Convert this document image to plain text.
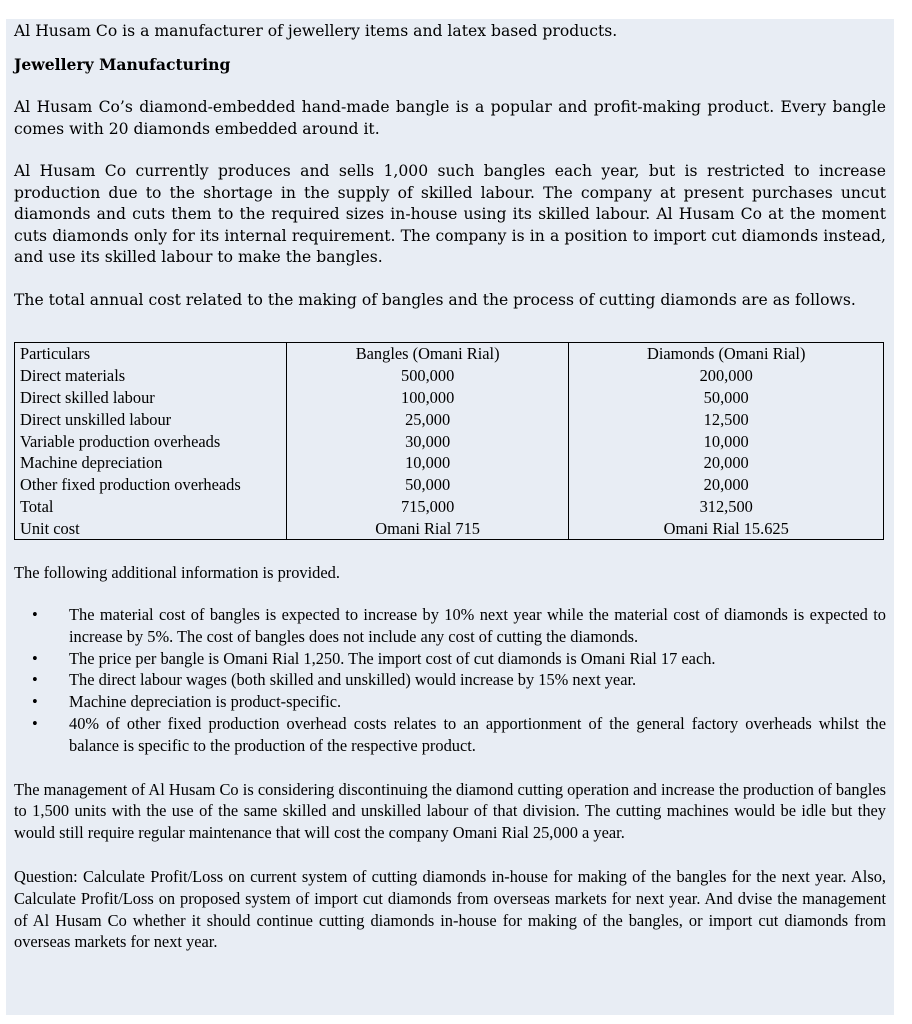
Al Husam Co is a manufacturer of jewellery items and latex based products.

Jewellery Manufacturing

Al Husam Co’s diamond-embedded hand-made bangle is a popular and profit-making product. Every bangle comes with 20 diamonds embedded around it.

Al Husam Co currently produces and sells 1,000 such bangles each year, but is restricted to increase production due to the shortage in the supply of skilled labour. The company at present purchases uncut diamonds and cuts them to the required sizes in-house using its skilled labour. Al Husam Co at the moment cuts diamonds only for its internal requirement. The company is in a position to import cut diamonds instead, and use its skilled labour to make the bangles.

The total annual cost related to the making of bangles and the process of cutting diamonds are as follows.

Particulars	Bangles (Omani Rial)	Diamonds (Omani Rial)
Direct materials	500,000	200,000
Direct skilled labour	100,000	50,000
Direct unskilled labour	25,000	12,500
Variable production overheads	30,000	10,000
Machine depreciation	10,000	20,000
Other fixed production overheads	50,000	20,000
Total	715,000	312,500
Unit cost	Omani Rial 715	Omani Rial 15.625

The following additional information is provided.

• The material cost of bangles is expected to increase by 10% next year while the material cost of diamonds is expected to increase by 5%. The cost of bangles does not include any cost of cutting the diamonds.
• The price per bangle is Omani Rial 1,250. The import cost of cut diamonds is Omani Rial 17 each.
• The direct labour wages (both skilled and unskilled) would increase by 15% next year.
• Machine depreciation is product-specific.
• 40% of other fixed production overhead costs relates to an apportionment of the general factory overheads whilst the balance is specific to the production of the respective product.

The management of Al Husam Co is considering discontinuing the diamond cutting operation and increase the production of bangles to 1,500 units with the use of the same skilled and unskilled labour of that division. The cutting machines would be idle but they would still require regular maintenance that will cost the company Omani Rial 25,000 a year.

Question: Calculate Profit/Loss on current system of cutting diamonds in-house for making of the bangles for the next year. Also, Calculate Profit/Loss on proposed system of import cut diamonds from overseas markets for next year. And dvise the management of Al Husam Co whether it should continue cutting diamonds in-house for making of the bangles, or import cut diamonds from overseas markets for next year.
